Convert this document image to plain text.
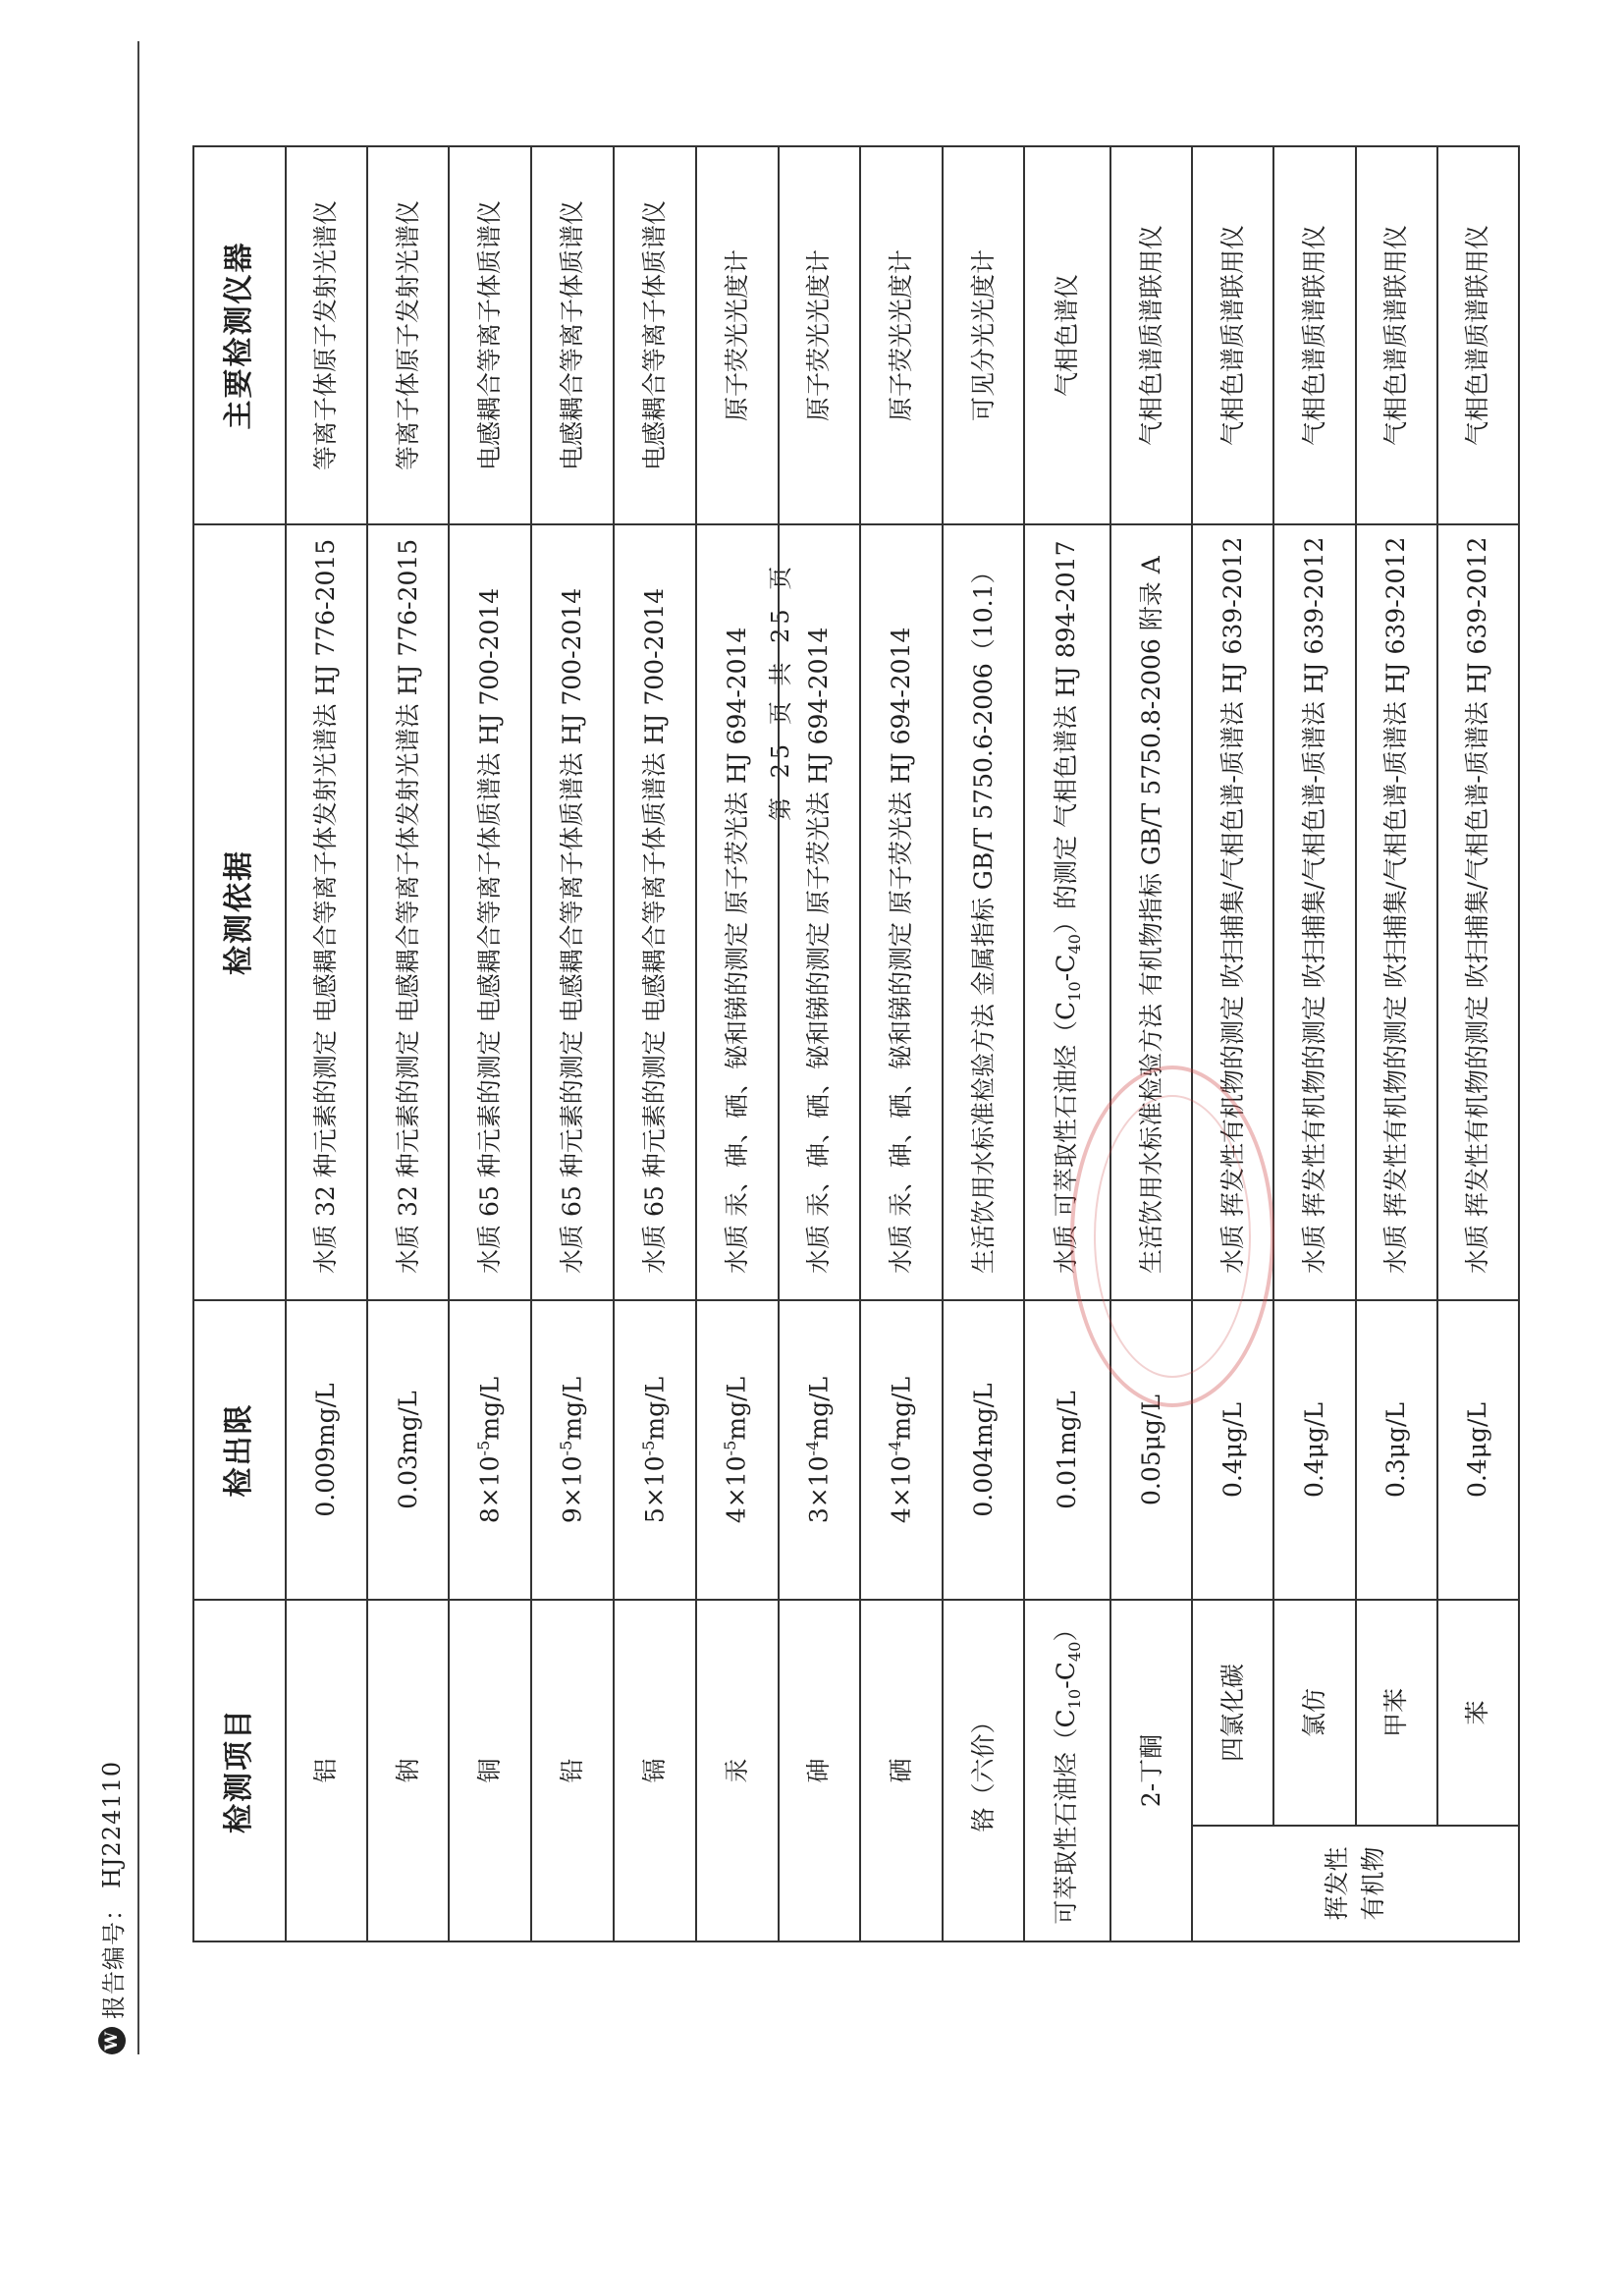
W
报告编号：
HJ224110
第 25 页 共 25 页
检测项目		检出限	检测依据	主要检测仪器
铝		0.009mg/L	水质 32 种元素的测定 电感耦合等离子体发射光谱法 HJ 776-2015	等离子体原子发射光谱仪
钠		0.03mg/L	水质 32 种元素的测定 电感耦合等离子体发射光谱法 HJ 776-2015	等离子体原子发射光谱仪
铜		$8\times 10^{-5}mg/L$	水质 65 种元素的测定 电感耦合等离子体质谱法 HJ 700-2014	电感耦合等离子体质谱仪
铅		$9\times 10^{-5}mg/L$	水质 65 种元素的测定 电感耦合等离子体质谱法 HJ 700-2014	电感耦合等离子体质谱仪
镉		$5\times 10^{-5}mg/L$	水质 65 种元素的测定 电感耦合等离子体质谱法 HJ 700-2014	电感耦合等离子体质谱仪
汞		$4\times 10^{-5}mg/L$	水质 汞、砷、硒、铋和锑的测定 原子荧光法 HJ 694-2014	原子荧光光度计
砷		$3\times 10^{-4}mg/L$	水质 汞、砷、硒、铋和锑的测定 原子荧光法 HJ 694-2014	原子荧光光度计
硒		$4\times 10^{-4}mg/L$	水质 汞、砷、硒、铋和锑的测定 原子荧光法 HJ 694-2014	原子荧光光度计
铬（六价）		0.004mg/L	生活饮用水标准检验方法 金属指标 GB/T 5750.6-2006（10.1）	可见分光光度计
可萃取性石油烃$(C_{10}-C_{40})$		0.01mg/L	水质 可萃取性石油烃$(C_{10}-C_{40})$的测定 气相色谱法 HJ 894-2017	气相色谱仪
2-丁酮		0.05μg/L	生活饮用水标准检验方法 有机物指标 GB/T 5750.8-2006 附录 A	气相色谱质谱联用仪
挥发性有机物	四氯化碳	0.4μg/L	水质 挥发性有机物的测定 吹扫捕集/气相色谱-质谱法 HJ 639-2012	气相色谱质谱联用仪
	氯仿	0.4μg/L	水质 挥发性有机物的测定 吹扫捕集/气相色谱-质谱法 HJ 639-2012	气相色谱质谱联用仪
	甲苯	0.3μg/L	水质 挥发性有机物的测定 吹扫捕集/气相色谱-质谱法 HJ 639-2012	气相色谱质谱联用仪
	苯	0.4μg/L	水质 挥发性有机物的测定 吹扫捕集/气相色谱-质谱法 HJ 639-2012	气相色谱质谱联用仪
